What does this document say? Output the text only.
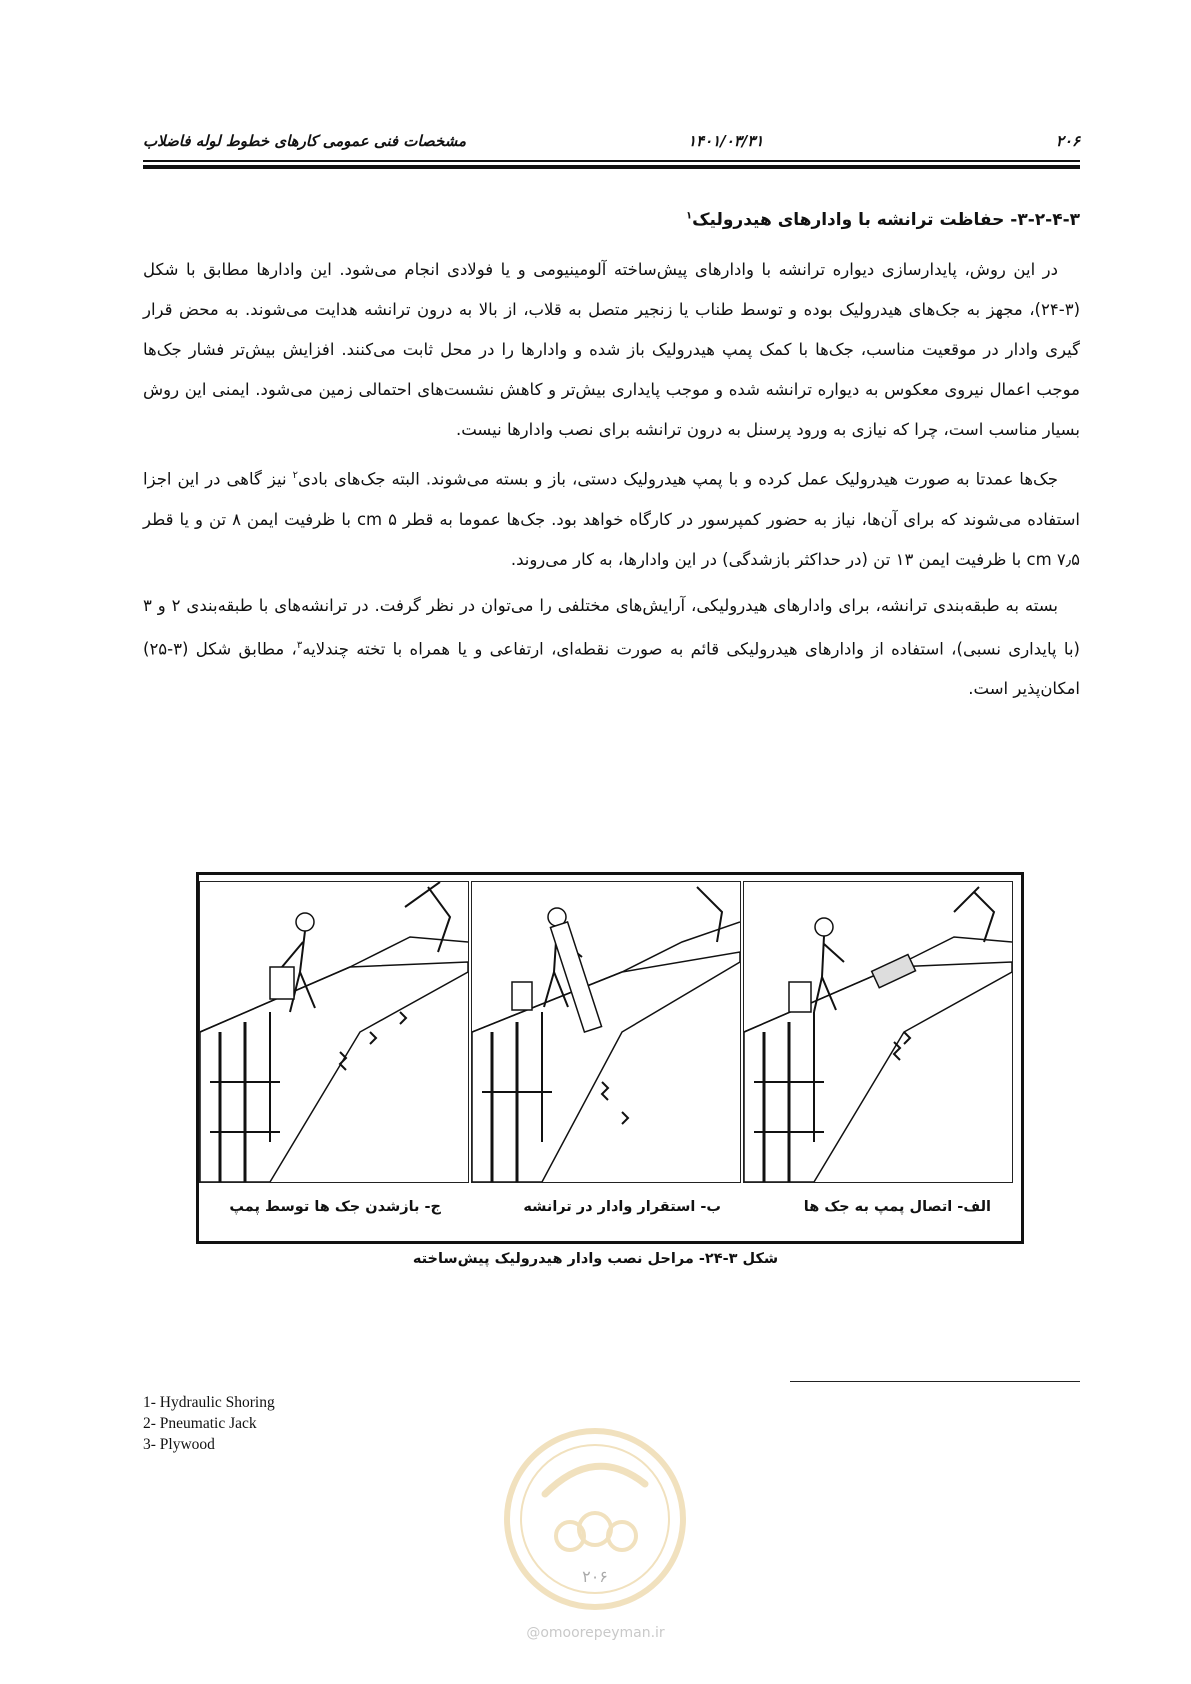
۲۰۶
۱۴۰۱/۰۳/۳۱
مشخصات فنی عمومی کارهای خطوط لوله فاضلاب
۳-۲-۴-۳- حفاظت ترانشه با وادارهای هیدرولیک$^۱$

در این روش، پایدارسازی دیواره ترانشه با وادارهای پیش‌ساخته آلومینیومی و یا فولادی انجام می‌شود. این وادارها مطابق با شکل (۳-۲۴)، مجهز به جک‌های هیدرولیک بوده و توسط طناب یا زنجیر متصل به قلاب، از بالا به درون ترانشه هدایت می‌شوند. به محض قرار گیری وادار در موقعیت مناسب، جک‌ها با کمک پمپ هیدرولیک باز شده و وادارها را در محل ثابت می‌کنند. افزایش بیش‌تر فشار جک‌ها موجب اعمال نیروی معکوس به دیواره ترانشه شده و موجب پایداری بیش‌تر و کاهش نشست‌های احتمالی زمین می‌شود. ایمنی این روش بسیار مناسب است، چرا که نیازی به ورود پرسنل به درون ترانشه برای نصب وادارها نیست.

جک‌ها عمدتا به صورت هیدرولیک عمل کرده و با پمپ هیدرولیک دستی، باز و بسته می‌شوند. البته جک‌های بادی$^۲$ نیز گاهی در این اجزا استفاده می‌شوند که برای آن‌ها، نیاز به حضور کمپرسور در کارگاه خواهد بود. جک‌ها عموما به قطر ۵ cm با ظرفیت ایمن ۸ تن و یا قطر ۷٫۵ cm با ظرفیت ایمن ۱۳ تن (در حداکثر بازشدگی) در این وادارها، به کار می‌روند.

بسته به طبقه‌بندی ترانشه، برای وادارهای هیدرولیکی، آرایش‌های مختلفی را می‌توان در نظر گرفت. در ترانشه‌های با طبقه‌بندی ۲ و ۳ (با پایداری نسبی)، استفاده از وادارهای هیدرولیکی قائم به صورت نقطه‌ای، ارتفاعی و یا همراه با تخته چندلایه$^۳$، مطابق شکل (۳-۲۵) امکان‌پذیر است.

الف- اتصال پمپ به جک ها
ب- استقرار وادار در ترانشه
ج- بازشدن جک ها توسط پمپ
شکل ۳-۲۴- مراحل نصب وادار هیدرولیک پیش‌ساخته
1- Hydraulic Shoring
2- Pneumatic Jack
3- Plywood
۲۰۶
@omoorepeyman.ir
